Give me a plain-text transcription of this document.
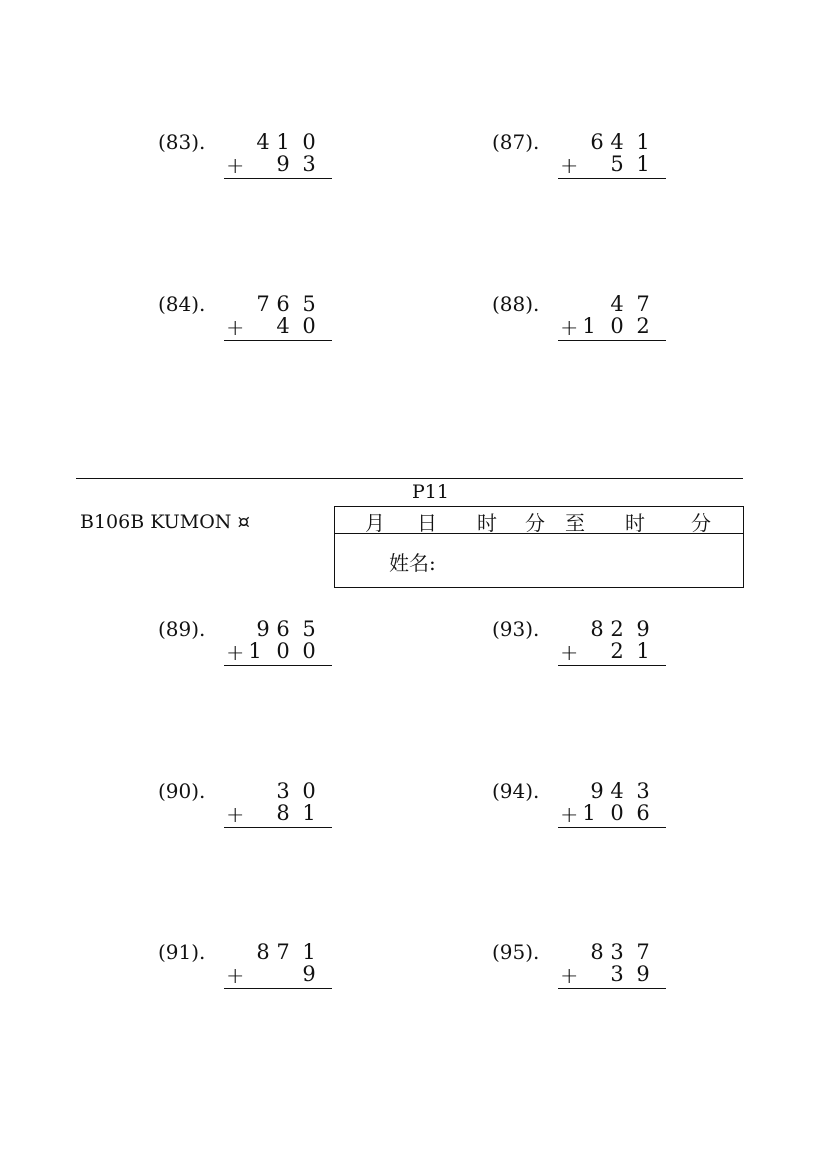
(83). 4 1 0
+ 9 3
(87). 6 4 1
+ 5 1
(84). 7 6 5
+ 4 0
(88).	4 7
+ 1 0 2
P11
B106B KUMON ¤	月 日 时 分 至 时 分
姓名:
(89). 9 6 5
+ 1 0 0
(93). 8 2 9
+ 2 1
(90).	3 0
+ 8 1
(94). 9 4 3
+ 1 0 6
(91). 8 7 1
+	9
(95). 8 3 7
+ 3 9
